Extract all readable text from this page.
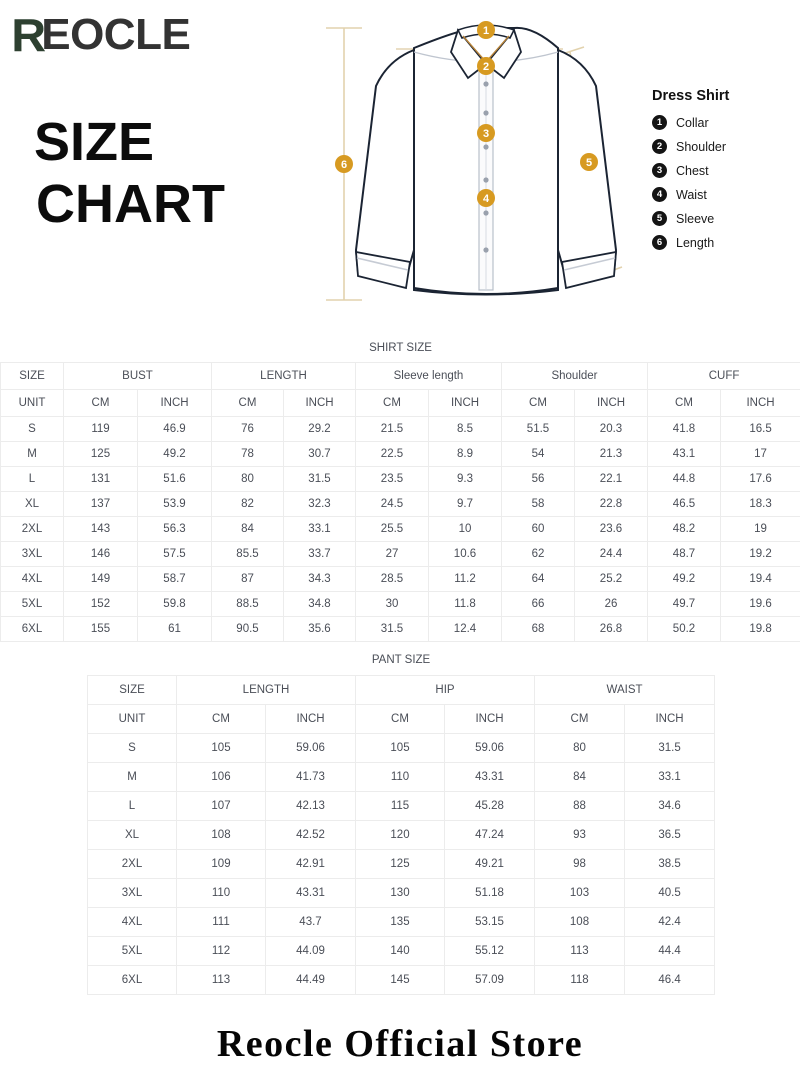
R
EOCLE
SIZE
CHART
1
2
3
4
5
6
Dress Shirt
1	Collar
2	Shoulder
3	Chest
4	Waist
5	Sleeve
6	Length
SHIRT SIZE										
SIZE	BUST		LENGTH		Sleeve length		Shoulder		CUFF	
UNIT	CM	INCH	CM	INCH	CM	INCH	CM	INCH	CM	INCH
S	119	46.9	76	29.2	21.5	8.5	51.5	20.3	41.8	16.5
M	125	49.2	78	30.7	22.5	8.9	54	21.3	43.1	17
L	131	51.6	80	31.5	23.5	9.3	56	22.1	44.8	17.6
XL	137	53.9	82	32.3	24.5	9.7	58	22.8	46.5	18.3
2XL	143	56.3	84	33.1	25.5	10	60	23.6	48.2	19
3XL	146	57.5	85.5	33.7	27	10.6	62	24.4	48.7	19.2
4XL	149	58.7	87	34.3	28.5	11.2	64	25.2	49.2	19.4
5XL	152	59.8	88.5	34.8	30	11.8	66	26	49.7	19.6
6XL	155	61	90.5	35.6	31.5	12.4	68	26.8	50.2	19.8
PANT SIZE						
SIZE	LENGTH		HIP		WAIST	
UNIT	CM	INCH	CM	INCH	CM	INCH
S	105	59.06	105	59.06	80	31.5
M	106	41.73	110	43.31	84	33.1
L	107	42.13	115	45.28	88	34.6
XL	108	42.52	120	47.24	93	36.5
2XL	109	42.91	125	49.21	98	38.5
3XL	110	43.31	130	51.18	103	40.5
4XL	111	43.7	135	53.15	108	42.4
5XL	112	44.09	140	55.12	113	44.4
6XL	113	44.49	145	57.09	118	46.4
Reocle Official Store
